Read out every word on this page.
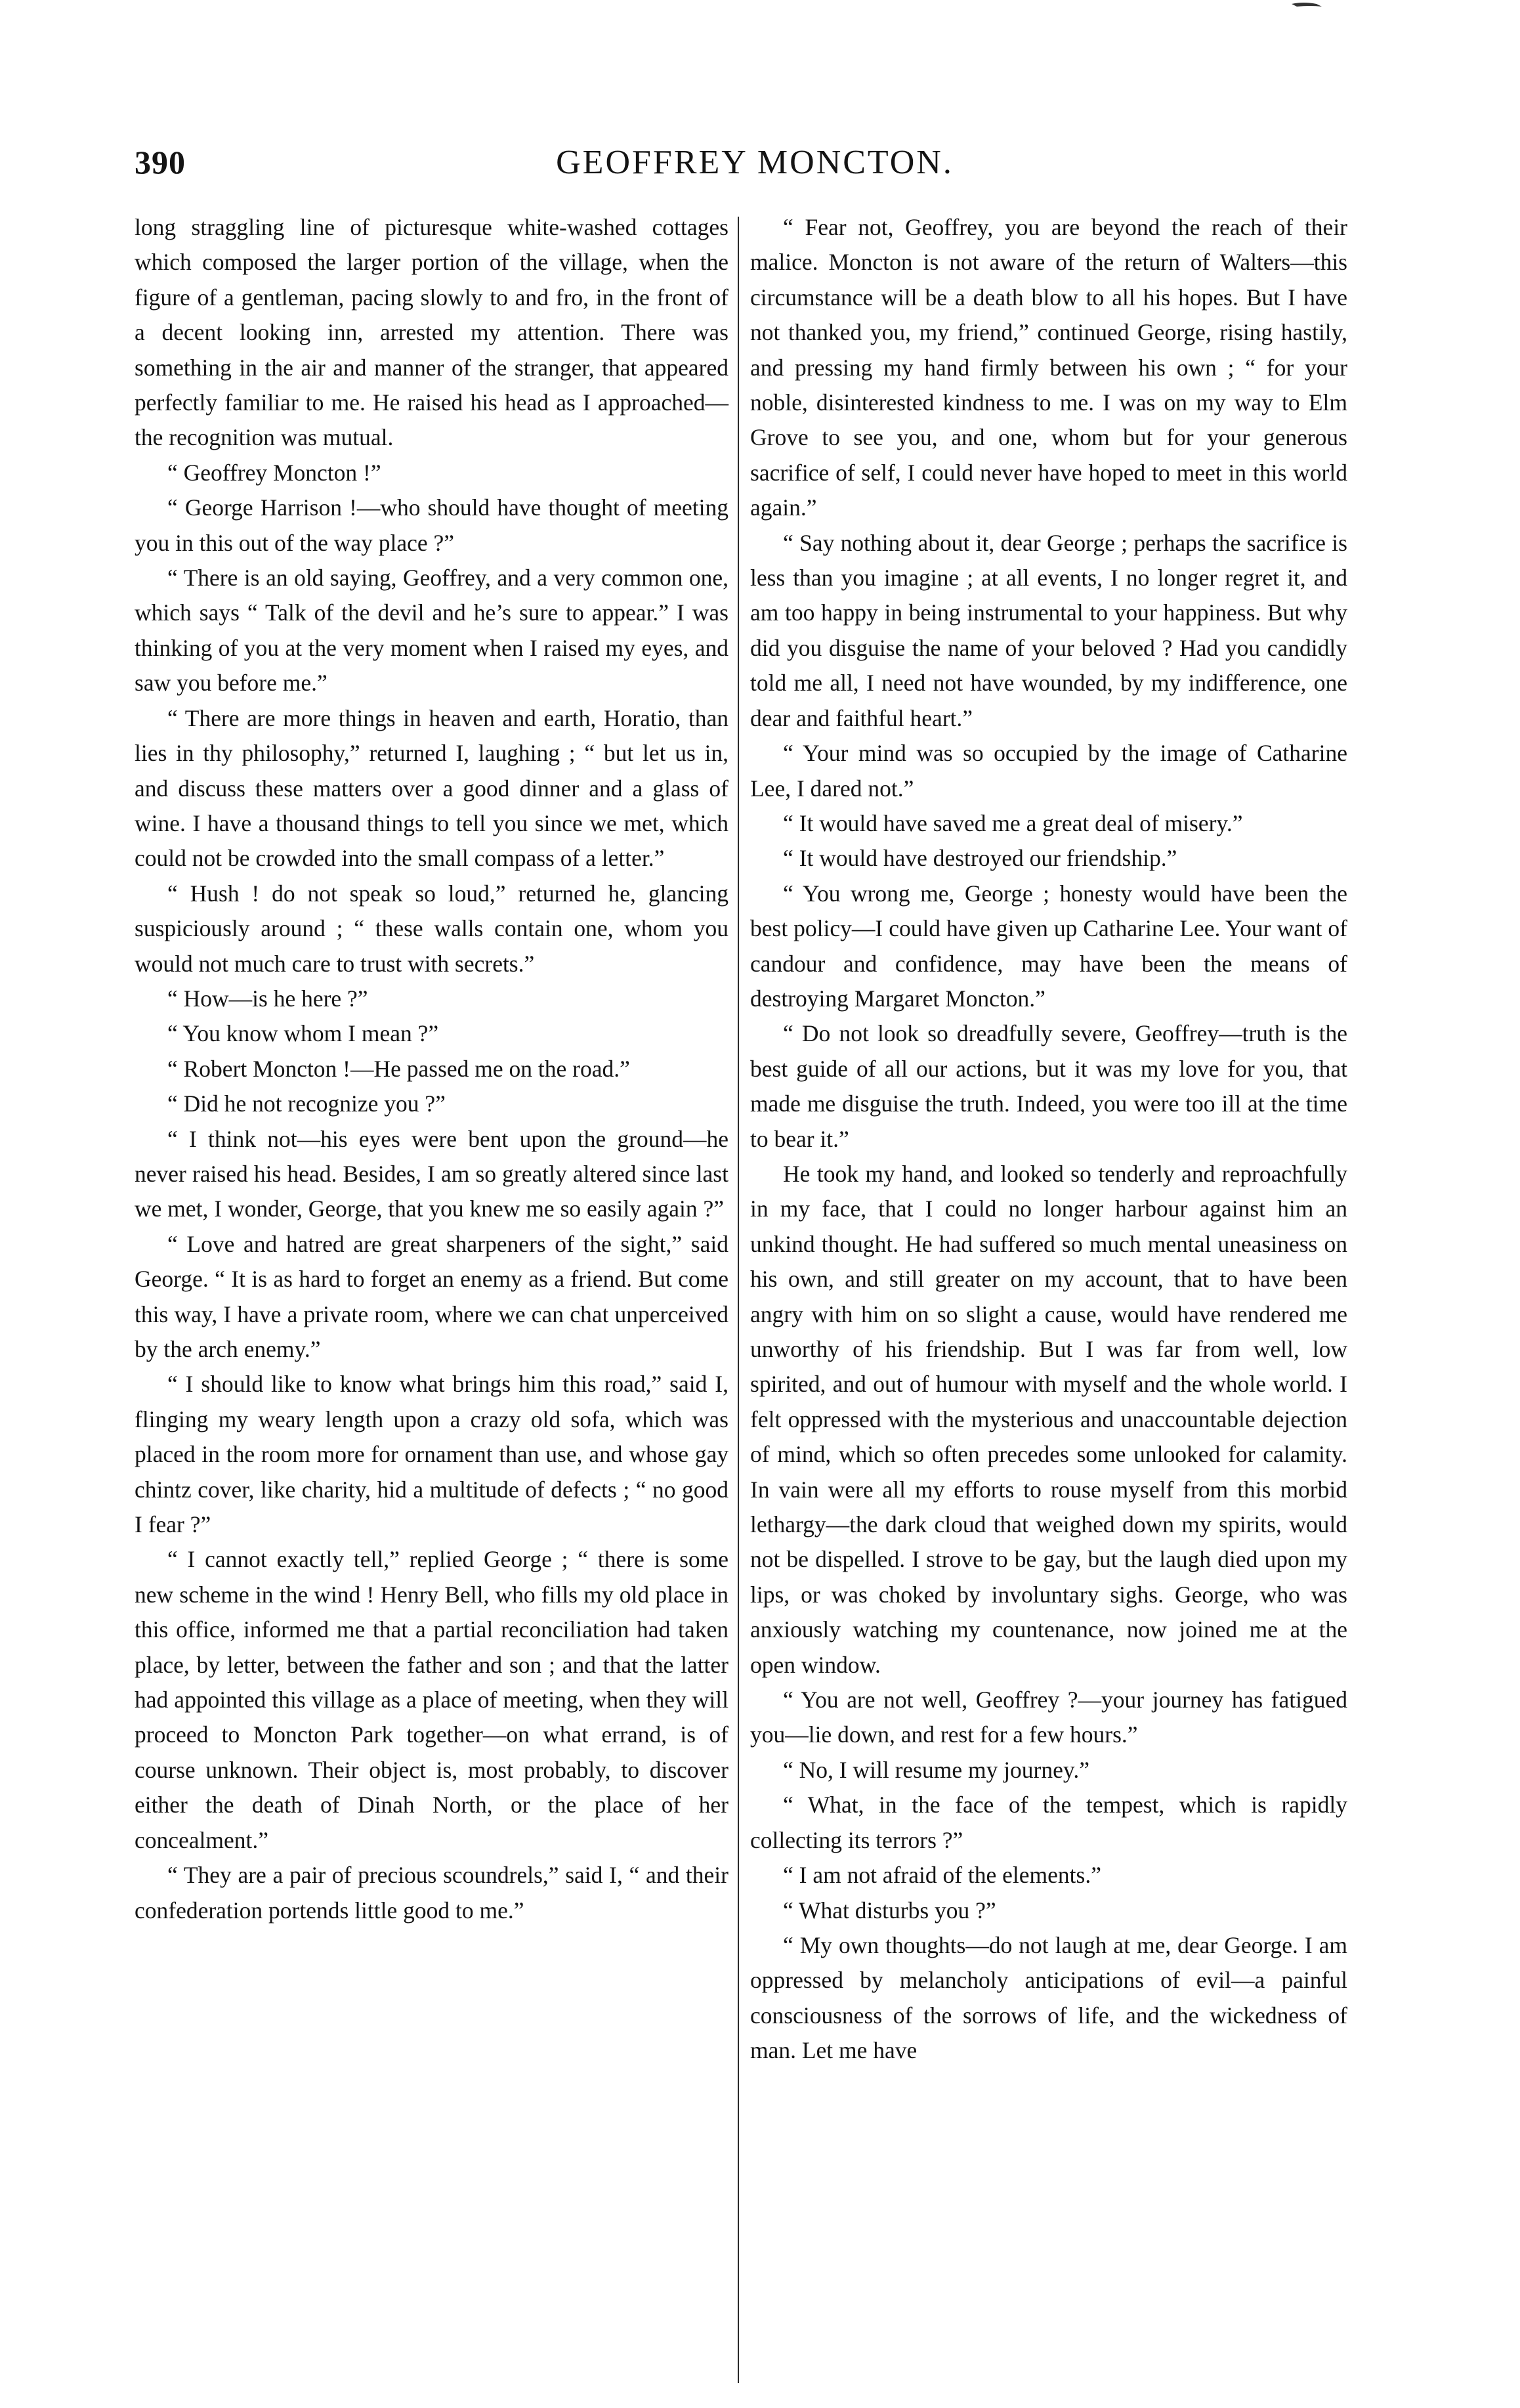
390	GEOFFREY MONCTON.

long straggling line of picturesque white-washed cottages which composed the larger portion of the village, when the figure of a gentleman, pacing slowly to and fro, in the front of a decent looking inn, arrested my attention. There was something in the air and manner of the stranger, that appeared perfectly familiar to me. He raised his head as I approached—the recognition was mutual.

“ Geoffrey Moncton !”

“ George Harrison !—who should have thought of meeting you in this out of the way place ?”

“ There is an old saying, Geoffrey, and a very common one, which says “ Talk of the devil and he’s sure to appear.” I was thinking of you at the very moment when I raised my eyes, and saw you before me.”

“ There are more things in heaven and earth, Horatio, than lies in thy philosophy,” returned I, laughing ; “ but let us in, and discuss these matters over a good dinner and a glass of wine. I have a thousand things to tell you since we met, which could not be crowded into the small compass of a letter.”

“ Hush ! do not speak so loud,” returned he, glancing suspiciously around ; “ these walls contain one, whom you would not much care to trust with secrets.”

“ How—is he here ?”

“ You know whom I mean ?”

“ Robert Moncton !—He passed me on the road.”

“ Did he not recognize you ?”

“ I think not—his eyes were bent upon the ground—he never raised his head. Besides, I am so greatly altered since last we met, I wonder, George, that you knew me so easily again ?”

“ Love and hatred are great sharpeners of the sight,” said George. “ It is as hard to forget an enemy as a friend. But come this way, I have a private room, where we can chat unperceived by the arch enemy.”

“ I should like to know what brings him this road,” said I, flinging my weary length upon a crazy old sofa, which was placed in the room more for ornament than use, and whose gay chintz cover, like charity, hid a multitude of defects ; “ no good I fear ?”

“ I cannot exactly tell,” replied George ; “ there is some new scheme in the wind ! Henry Bell, who fills my old place in this office, informed me that a partial reconciliation had taken place, by letter, between the father and son ; and that the latter had appointed this village as a place of meeting, when they will proceed to Moncton Park together—on what errand, is of course unknown. Their object is, most probably, to discover either the death of Dinah North, or the place of her concealment.”

“ They are a pair of precious scoundrels,” said I, “ and their confederation portends little good to me.”

“ Fear not, Geoffrey, you are beyond the reach of their malice. Moncton is not aware of the return of Walters—this circumstance will be a death blow to all his hopes. But I have not thanked you, my friend,” continued George, rising hastily, and pressing my hand firmly between his own ; “ for your noble, disinterested kindness to me. I was on my way to Elm Grove to see you, and one, whom but for your generous sacrifice of self, I could never have hoped to meet in this world again.”

“ Say nothing about it, dear George ; perhaps the sacrifice is less than you imagine ; at all events, I no longer regret it, and am too happy in being instrumental to your happiness. But why did you disguise the name of your beloved ? Had you candidly told me all, I need not have wounded, by my indifference, one dear and faithful heart.”

“ Your mind was so occupied by the image of Catharine Lee, I dared not.”

“ It would have saved me a great deal of misery.”

“ It would have destroyed our friendship.”

“ You wrong me, George ; honesty would have been the best policy—I could have given up Catharine Lee. Your want of candour and confidence, may have been the means of destroying Margaret Moncton.”

“ Do not look so dreadfully severe, Geoffrey—truth is the best guide of all our actions, but it was my love for you, that made me disguise the truth. Indeed, you were too ill at the time to bear it.”

He took my hand, and looked so tenderly and reproachfully in my face, that I could no longer harbour against him an unkind thought. He had suffered so much mental uneasiness on his own, and still greater on my account, that to have been angry with him on so slight a cause, would have rendered me unworthy of his friendship. But I was far from well, low spirited, and out of humour with myself and the whole world. I felt oppressed with the mysterious and unaccountable dejection of mind, which so often precedes some unlooked for calamity. In vain were all my efforts to rouse myself from this morbid lethargy—the dark cloud that weighed down my spirits, would not be dispelled. I strove to be gay, but the laugh died upon my lips, or was choked by involuntary sighs. George, who was anxiously watching my countenance, now joined me at the open window.

“ You are not well, Geoffrey ?—your journey has fatigued you—lie down, and rest for a few hours.”

“ No, I will resume my journey.”

“ What, in the face of the tempest, which is rapidly collecting its terrors ?”

“ I am not afraid of the elements.”

“ What disturbs you ?”

“ My own thoughts—do not laugh at me, dear George. I am oppressed by melancholy anticipations of evil—a painful consciousness of the sorrows of life, and the wickedness of man. Let me have
